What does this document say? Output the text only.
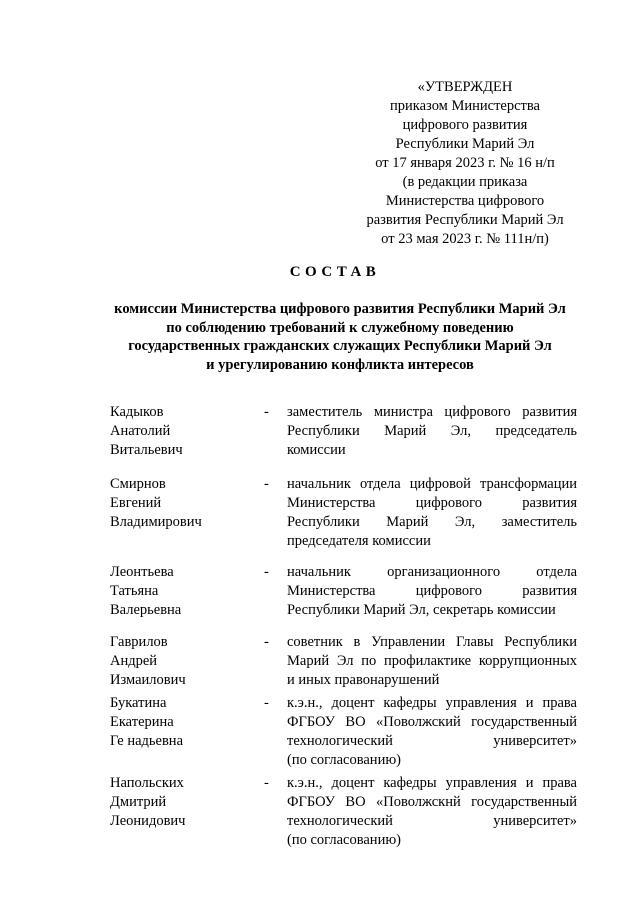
«УТВЕРЖДЕН
приказом Министерства
цифрового развития
Республики Марий Эл
от 17 января 2023 г. № 16 н/п
(в редакции приказа
Министерства цифрового
развития Республики Марий Эл
от 23 мая 2023 г. № 111н/п)
СОСТАВ
комиссии Министерства цифрового развития Республики Марий Эл
по соблюдению требований к служебному поведению
государственных гражданских служащих Республики Марий Эл
и урегулированию конфликта интересов
Кадыков
Анатолий
Витальевич
- заместитель министра цифрового развития
Республики Марий Эл, председатель
комиссии
Смирнов
Евгений
Владимирович
- начальник отдела цифровой трансформации
Министерства цифрового развития
Республики Марий Эл, заместитель
председателя комиссии
Леонтьева
Татьяна
Валерьевна
- начальник организационного отдела
Министерства цифрового развития
Республики Марий Эл, секретарь комиссии
Гаврилов
Андрей
Измаилович
- советник в Управлении Главы Республики
Марий Эл по профилактике коррупционных
и иных правонарушений
Букатина
Екатерина
Ге надьевна
- к.э.н., доцент кафедры управления и права
ФГБОУ ВО «Поволжский государственный
технологический университет»
(по согласованию)
Напольских
Дмитрий
Леонидович
- к.э.н., доцент кафедры управления и права
ФГБОУ ВО «Поволжскнй государственный
технологический университет»
(по согласованию)
